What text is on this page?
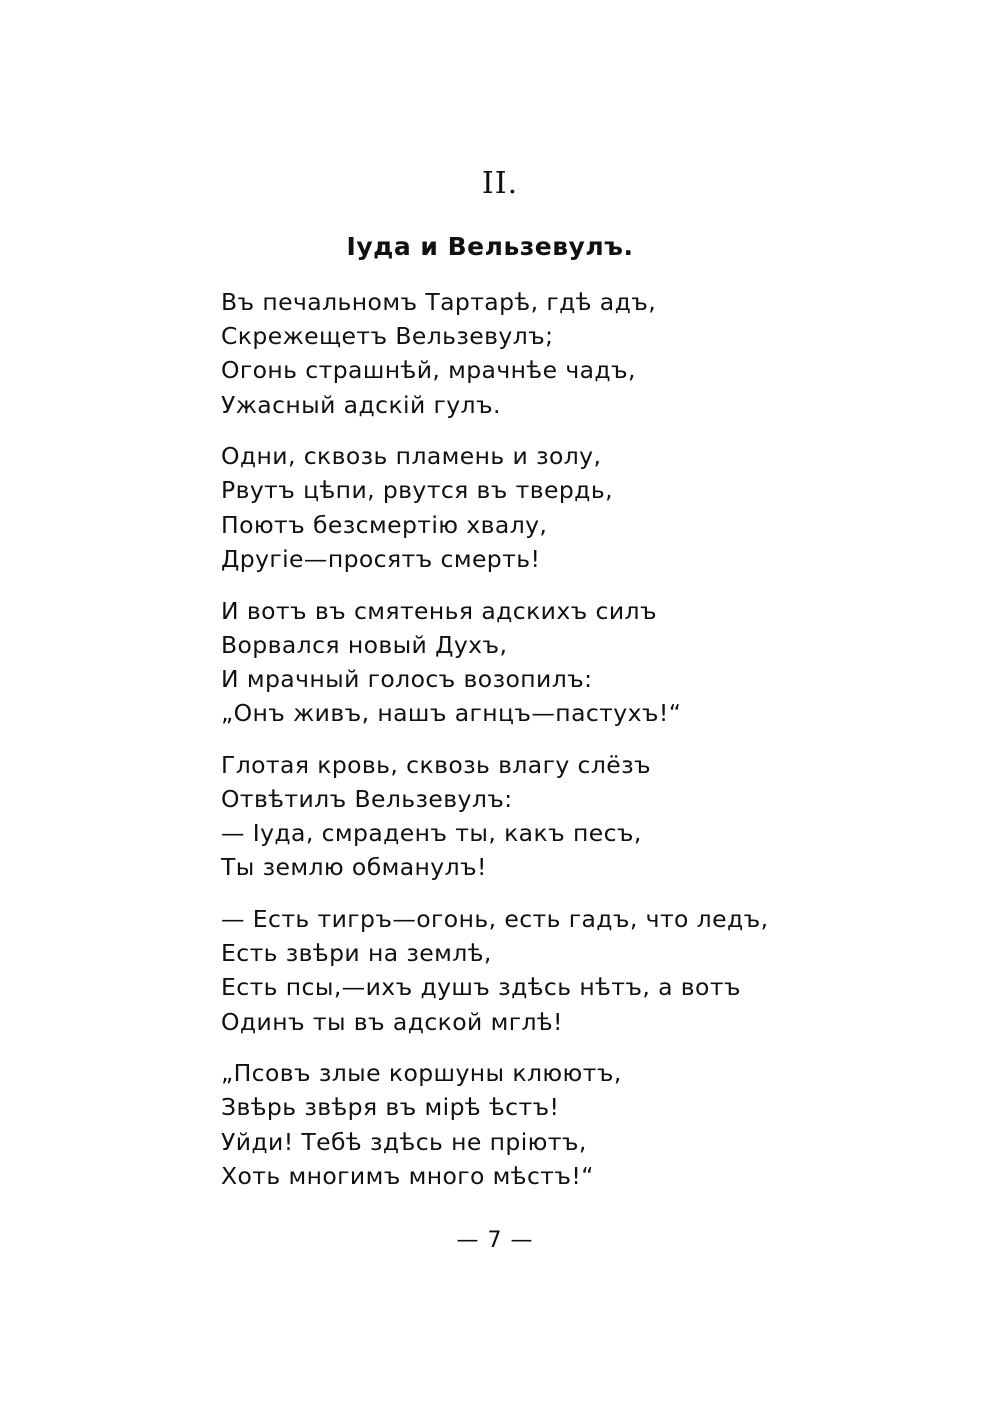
II.
Іуда и Вельзевулъ.
Въ печальномъ Тартарѣ, гдѣ адъ,
Скрежещетъ Вельзевулъ;
Огонь страшнѣй, мрачнѣе чадъ,
Ужасный адскій гулъ.
Одни, сквозь пламень и золу,
Рвутъ цѣпи, рвутся въ твердь,
Поютъ безсмертію хвалу,
Другіе—просятъ смерть!
И вотъ въ смятенья адскихъ силъ
Ворвался новый Духъ,
И мрачный голосъ возопилъ:
„Онъ живъ, нашъ агнцъ—пастухъ!“
Глотая кровь, сквозь влагу слёзъ
Отвѣтилъ Вельзевулъ:
— Іуда, смраденъ ты, какъ песъ,
Ты землю обманулъ!
— Есть тигръ—огонь, есть гадъ, что ледъ,
Есть звѣри на землѣ,
Есть псы,—ихъ душъ здѣсь нѣтъ, а вотъ
Одинъ ты въ адской мглѣ!
„Псовъ злые коршуны клюютъ,
Звѣрь звѣря въ мірѣ ѣстъ!
Уйди! Тебѣ здѣсь не пріютъ,
Хоть многимъ много мѣстъ!“
— 7 —
